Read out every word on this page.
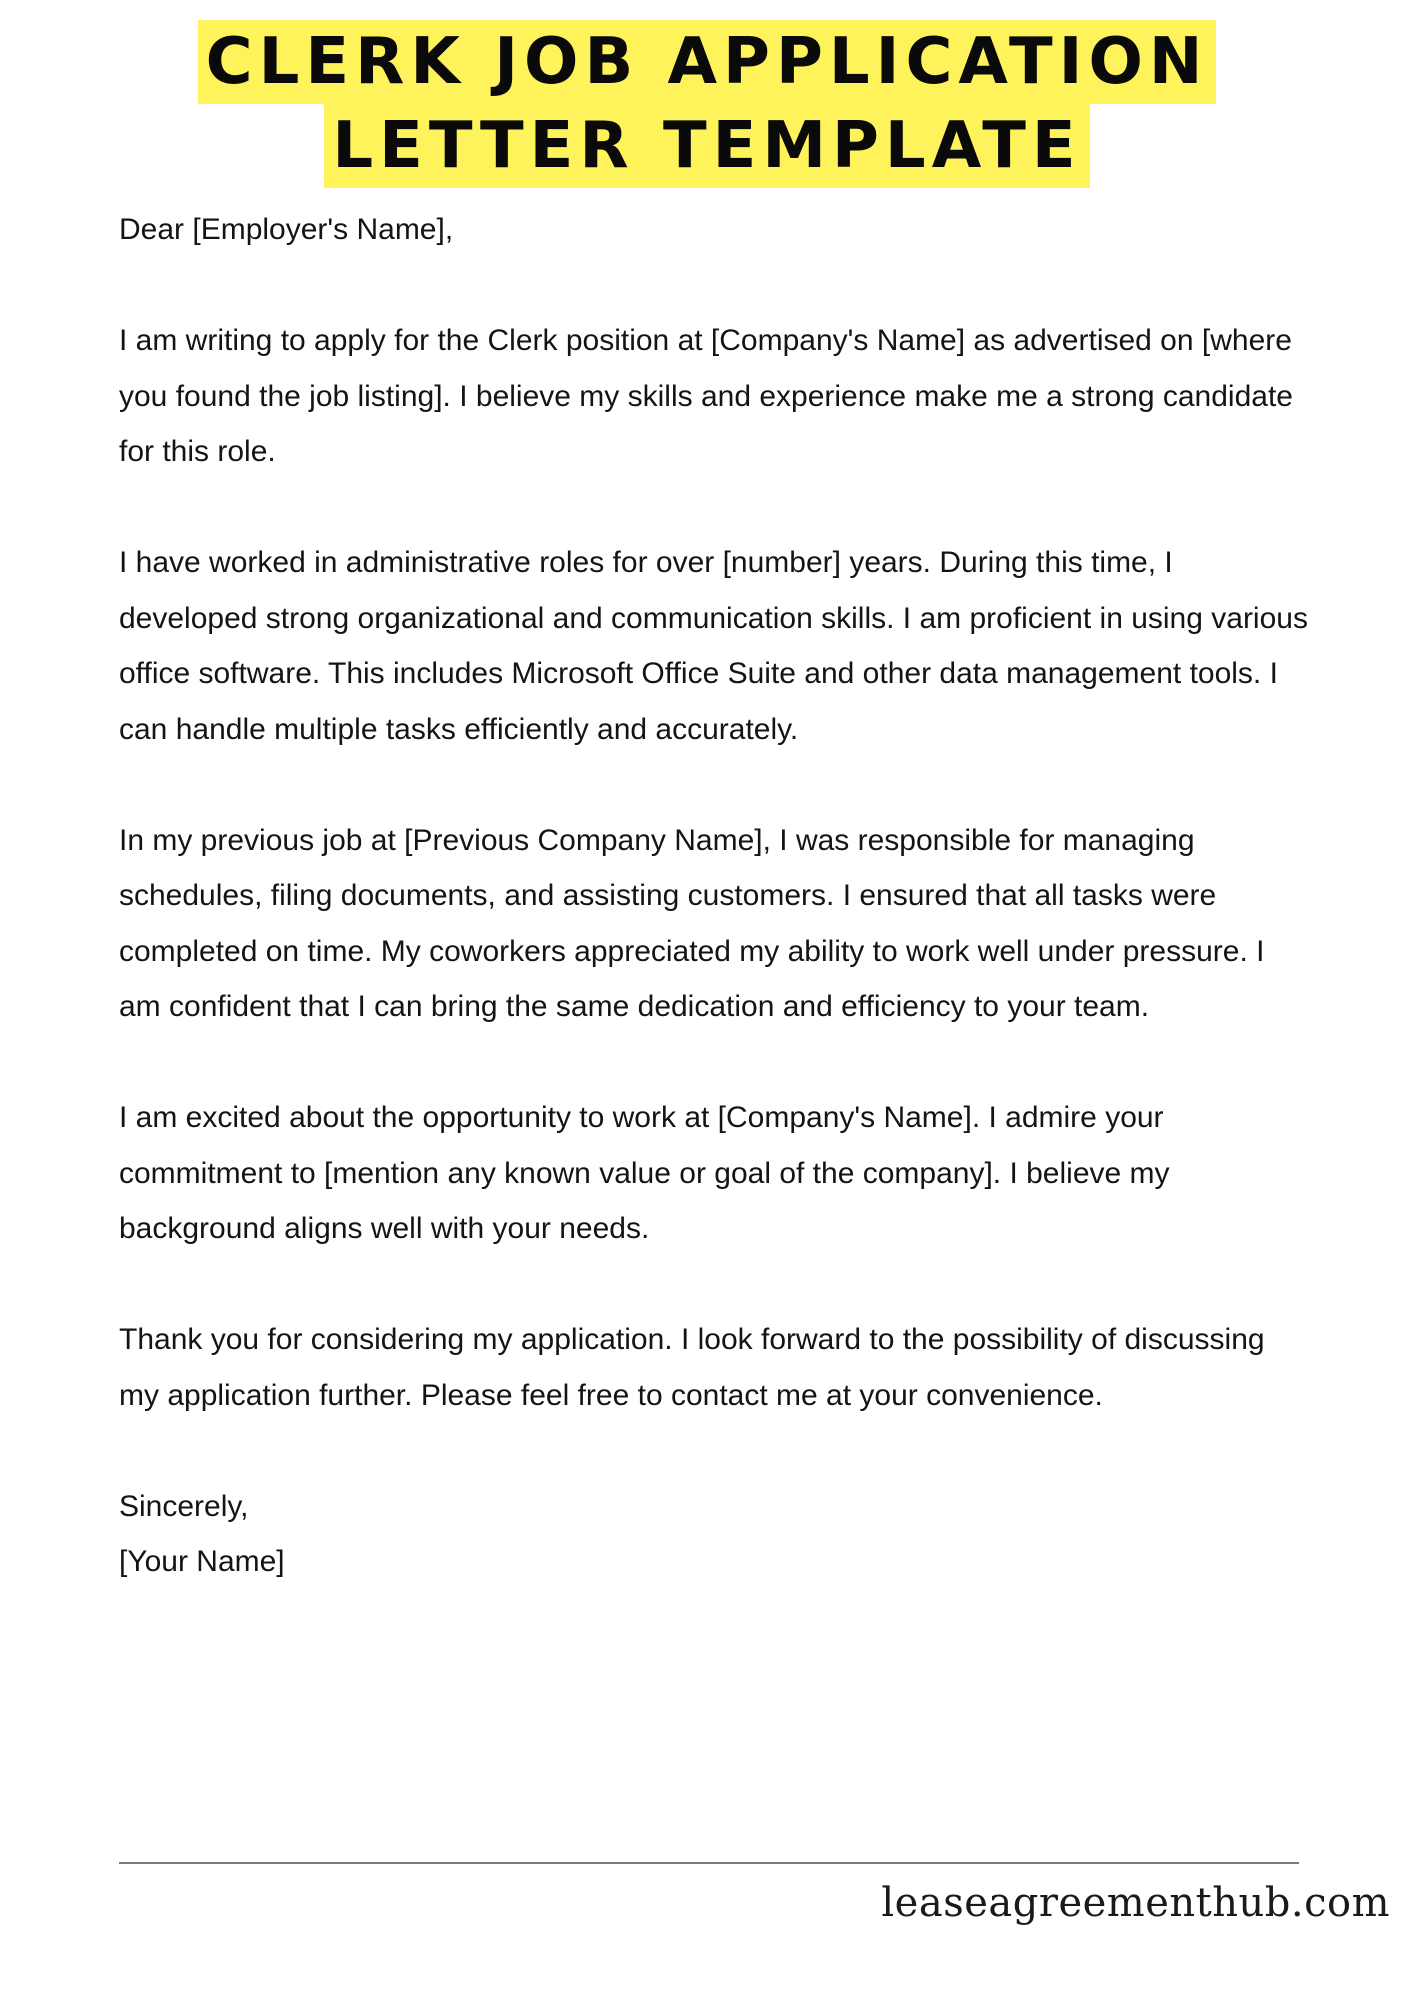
CLERK JOB APPLICATION
LETTER TEMPLATE

Dear [Employer's Name],

I am writing to apply for the Clerk position at [Company's Name] as advertised on [where you found the job listing]. I believe my skills and experience make me a strong candidate for this role.

I have worked in administrative roles for over [number] years. During this time, I developed strong organizational and communication skills. I am proficient in using various office software. This includes Microsoft Office Suite and other data management tools. I can handle multiple tasks efficiently and accurately.

In my previous job at [Previous Company Name], I was responsible for managing schedules, filing documents, and assisting customers. I ensured that all tasks were completed on time. My coworkers appreciated my ability to work well under pressure. I am confident that I can bring the same dedication and efficiency to your team.

I am excited about the opportunity to work at [Company's Name]. I admire your commitment to [mention any known value or goal of the company]. I believe my background aligns well with your needs.

Thank you for considering my application. I look forward to the possibility of discussing my application further. Please feel free to contact me at your convenience.

Sincerely,
[Your Name]

leaseagreementhub.com
